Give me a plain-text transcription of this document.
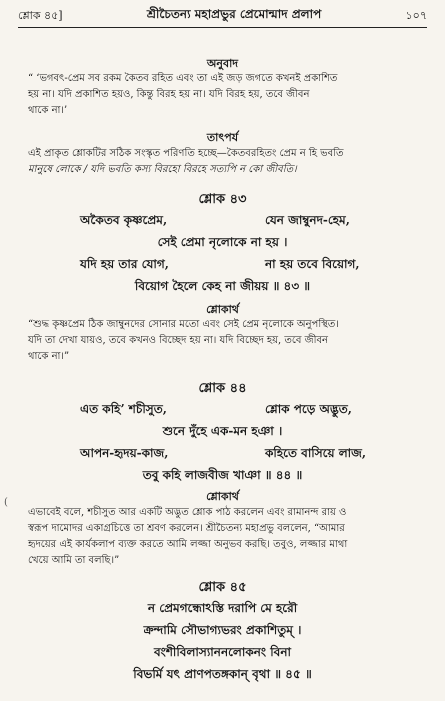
শ্লোক ৪৫]	শ্রীচৈতন্য মহাপ্রভুর প্রেমোন্মাদ প্রলাপ	১০৭
অনুবাদ
“ ‘ভগবৎ-প্রেম সব রকম কৈতব রহিত এবং তা এই জড় জগতে কখনই প্রকাশিত
হয় না। যদি প্রকাশিত হয়ও, কিন্তু বিরহ হয় না। যদি বিরহ হয়, তবে জীবন
থাকে না।’
তাৎপর্য
এই প্রাকৃত শ্লোকটির সঠিক সংস্কৃত পরিণতি হচ্ছে—কৈতবরহিতং প্রেম ন হি ভবতি
মানুষে লোকে / যদি ভবতি কস্য বিরহো বিরহে সত্যপি ন কো জীবতি।
শ্লোক ৪৩
অকৈতব কৃষ্ণপ্রেম,	যেন জাম্বুনদ-হেম,
সেই প্রেমা নৃলোকে না হয় ।
যদি হয় তার যোগ,	না হয় তবে বিয়োগ,
বিয়োগ হৈলে কেহ না জীয়য় ॥ ৪৩ ॥
শ্লোকার্থ
“শুদ্ধ কৃষ্ণপ্রেম ঠিক জাম্বুনদের সোনার মতো এবং সেই প্রেম নৃলোকে অনুপস্থিত।
যদি তা দেখা যায়ও, তবে কখনও বিচ্ছেদ হয় না। যদি বিচ্ছেদ হয়, তবে জীবন
থাকে না।”
শ্লোক ৪৪
এত কহি’ শচীসুত,	শ্লোক পড়ে অদ্ভুত,
শুনে দুঁহে এক-মন হঞা ।
আপন-হৃদয়-কাজ,	কহিতে বাসিয়ে লাজ,
তবু কহি লাজবীজ খাঞা ॥ ৪৪ ॥
শ্লোকার্থ
এভাবেই বলে, শচীসুত আর একটি অদ্ভুত শ্লোক পাঠ করলেন এবং রামানন্দ রায় ও
স্বরূপ দামোদর একাগ্রচিত্তে তা শ্রবণ করলেন। শ্রীচৈতন্য মহাপ্রভু বললেন, “আমার
হৃদয়ের এই কার্যকলাপ ব্যক্ত করতে আমি লজ্জা অনুভব করছি। তবুও, লজ্জার মাথা
খেয়ে আমি তা বলছি।”
(
শ্লোক ৪৫
ন প্রেমগন্ধোঽস্তি দরাপি মে হরৌ
ক্রন্দামি সৌভাগ্যভরং প্রকাশিতুম্ ।
বংশীবিলাস্যাননলোকনং বিনা
বিভর্মি যৎ প্রাণপতঙ্গকান্ বৃথা ॥ ৪৫ ॥
